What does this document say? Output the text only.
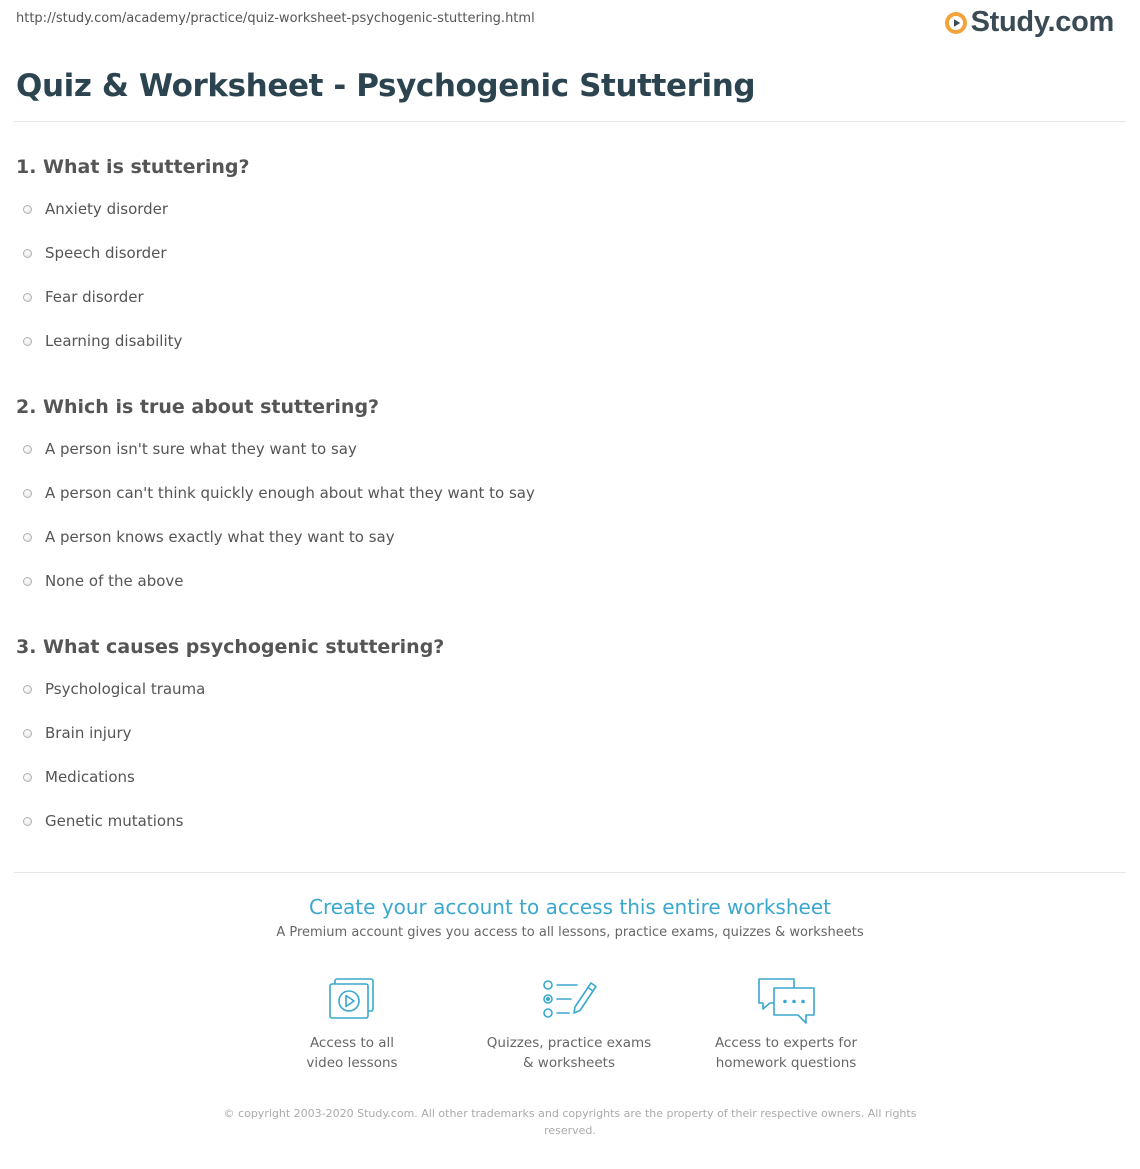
http://study.com/academy/practice/quiz-worksheet-psychogenic-stuttering.html	Study.com
Quiz & Worksheet - Psychogenic Stuttering
1. What is stuttering?
Anxiety disorder
Speech disorder
Fear disorder
Learning disability
2. Which is true about stuttering?
A person isn't sure what they want to say
A person can't think quickly enough about what they want to say
A person knows exactly what they want to say
None of the above
3. What causes psychogenic stuttering?
Psychological trauma
Brain injury
Medications
Genetic mutations
Create your account to access this entire worksheet
A Premium account gives you access to all lessons, practice exams, quizzes & worksheets
Access to all
video lessons
Quizzes, practice exams
& worksheets
Access to experts for
homework questions
© copyright 2003-2020 Study.com. All other trademarks and copyrights are the property of their respective owners. All rights reserved.
